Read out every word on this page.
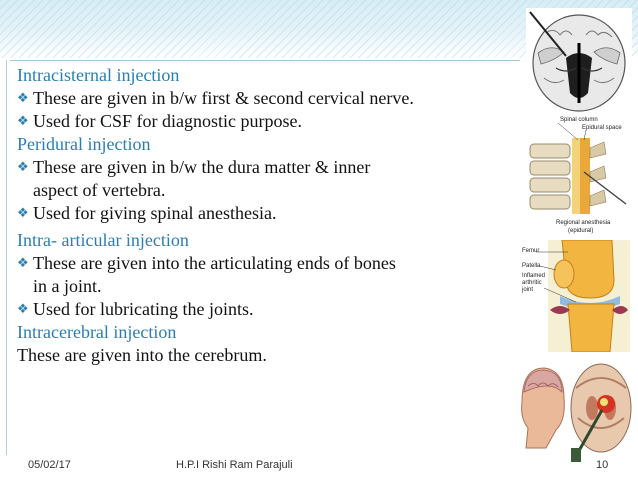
Intracisternal injection
❖ These are given in b/w first & second cervical nerve.
❖ Used for CSF for diagnostic purpose.
Peridural injection
❖ These are given in b/w the dura matter & inner
aspect of vertebra.
❖ Used for giving spinal anesthesia.
Intra- articular injection
❖ These are given into the articulating ends of bones
in a joint.
❖ Used for lubricating the joints.
Intracerebral injection
These are given into the cerebrum.
Spinal column
Epidural space
Regional anesthesia
(epidural)
Femur
Patella
Inflamed
arthritic
joint
05/02/17	H.P.I Rishi Ram Parajuli	10
